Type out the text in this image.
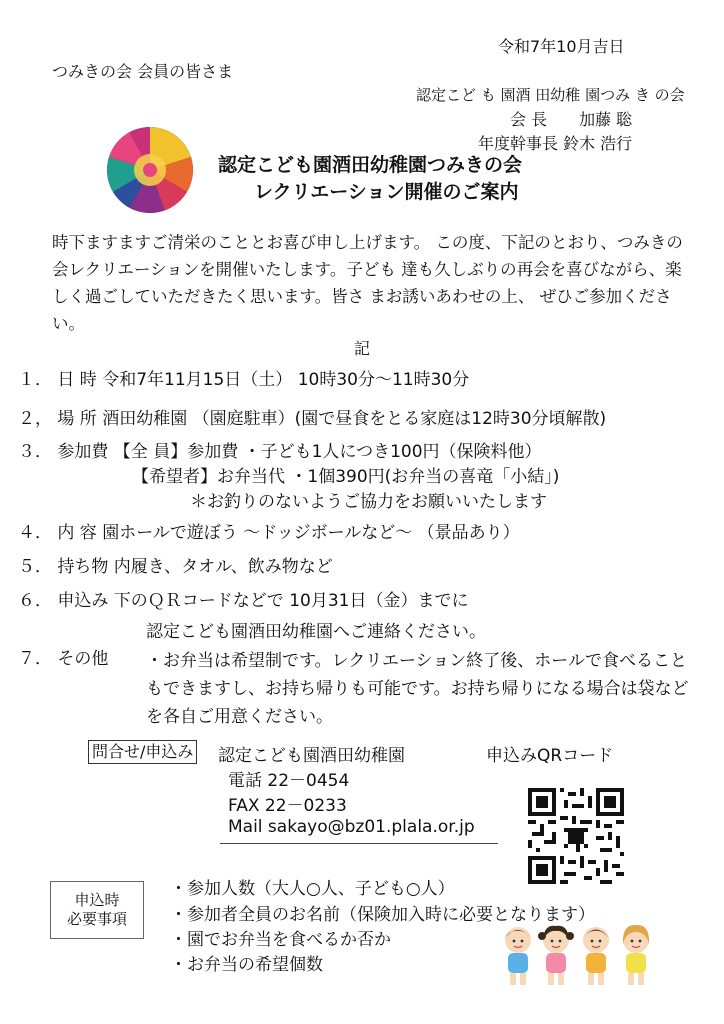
令和7年10月吉日
つみきの会 会員の皆さま
認定こど も 園酒 田幼稚 園つみ き の会
会 長　　加藤 聡
年度幹事長 鈴木 浩行
認定こども園酒田幼稚園つみきの会
レクリエーション開催のご案内
時下ますますご清栄のこととお喜び申し上げます。 この度、下記のとおり、つみきの会レクリエーションを開催いたします。子ども 達も久しぶりの再会を喜びながら、楽しく過ごしていただきたく思います。皆さ まお誘いあわせの上、 ぜひご参加ください。
記
１． 日 時 令和7年11月15日（土） 10時30分～11時30分
２， 場 所 酒田幼稚園 （園庭駐車）(園で昼食をとる家庭は12時30分頃解散)
３． 参加費 【全 員】参加費 ・子ども1人につき100円（保険料他）
【希望者】お弁当代 ・1個390円(お弁当の喜竜「小結」)
＊お釣りのないようご協力をお願いいたします
４． 内 容 園ホールで遊ぼう ～ドッジボールなど～ （景品あり）
５． 持ち物 内履き、タオル、飲み物など
６． 申込み 下のＱＲコードなどで 10月31日（金）までに
認定こども園酒田幼稚園へご連絡ください。
７． その他 ・お弁当は希望制です。レクリエーション終了後、ホールで食べることもできますし、お持ち帰りも可能です。お持ち帰りになる場合は袋などを各自ご用意ください。
問合せ/申込み 認定こども園酒田幼稚園	申込みQRコード
電話 22－0454
FAX 22－0233
Mail sakayo@bz01.plala.or.jp
申込時
必要事項
・参加人数（大人○人、子ども○人）
・参加者全員のお名前（保険加入時に必要となります）
・園でお弁当を食べるか否か
・お弁当の希望個数
